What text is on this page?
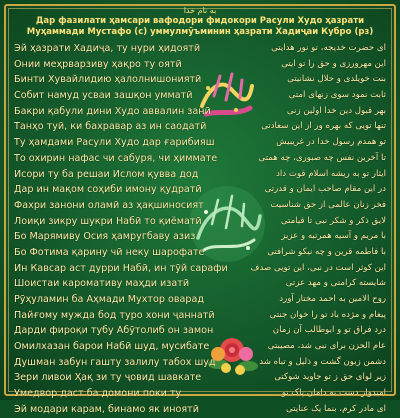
به نام خدا
Дар фазилати ҳамсари вафодори фидокори Расули Худо ҳазрати
Муҳаммади Мустафо (с) уммулмӯъминин ҳазрати Хадиҷаи Кубро (рз)
Эй ҳазрати Хадиҷа, ту нури ҳидоятӣ	ای حضرت خدیجه، تو نور هدایتی
Онии меҳрварзиву ҳақро ту оятӣ	این مهرورزی و حق را تو ایتی
Бинти Хувайлидию ҳалолнишониятӣ	بنت خویلدی و حلال نشانیتی
Собит намуд усваи зашқон умматӣ	ثابت نمود سوی زنهای امتی
Бакри қабули дини Худо аввалин занӣ	بهر قبول دین خدا اولین زنی
Танҳо туӣ, ки бахравар аз ин саодатӣ	تنها تویی که بهره ور از این سعادتی
Ту ҳамдами Расули Худо дар ғарибияш	تو همدم رسول خدا در غریبیش
То охирин нафас чи сабуря, чи ҳиммате	تا آخرین نفس چه صبوری، چه همتی
Исори ту ба решаи Ислом қувва дод	ایثار تو به ریشه اسلام قوت داد
Дар ин мақом соҳиби имону қудратӣ	در این مقام صاحب ایمان و قدرتی
Фахри занони оламӣ аз ҳақшиносият	فخر زنان عالمی از حق شناسیت
Лоиқи зикру шукри Набӣ то қиёматӣ	لایق ذکر و شکر نبی تا قیامتی
Бо Марямиву Осия ҳамругбаву азиз	با مریم و آسیه همرتبه و عزیز
Бо Фотима қарину чӣ неку шарофате	با فاطمه قرین و چه نیکو شرافتی
Ин Кавсар аст дурри Набӣ, ин тӯй сарафи	این کوثر است در نبی، این تویی صدف
Шоистаи каромативу маҳди изатӣ	شایسته کرامتی و مهد عزتی
Рӯҳуламин ба Аҳмади Мухтор оварад	روح الامین به احمد مختار آورد
Пайғому мужда бод туро хони ҷаннатӣ	پیغام و مژده باد تو را خوان جنتی
Дарди фироқи тубу Абӯтолиб он замон	درد فراق تو و ابوطالب آن زمان
Омилхазан барои Набӣ шуд, мусибате	عام الحزن برای نبی شد، مصیبتی
Душман забун гашту залилу табох шуд	دشمن زبون گشت و ذلیل و تباه شد
Зери ливои Ҳақ зи ту ҷовид шавкате	زیر لوای حق ز تو جاوید شوکتی
Умедвор даст ба домони поки ту	امیدوار دست به دامان پاک تو
Эй модари карам, бинамо як иноятӣ	ای مادر کرم، بنما یک عنایتی
